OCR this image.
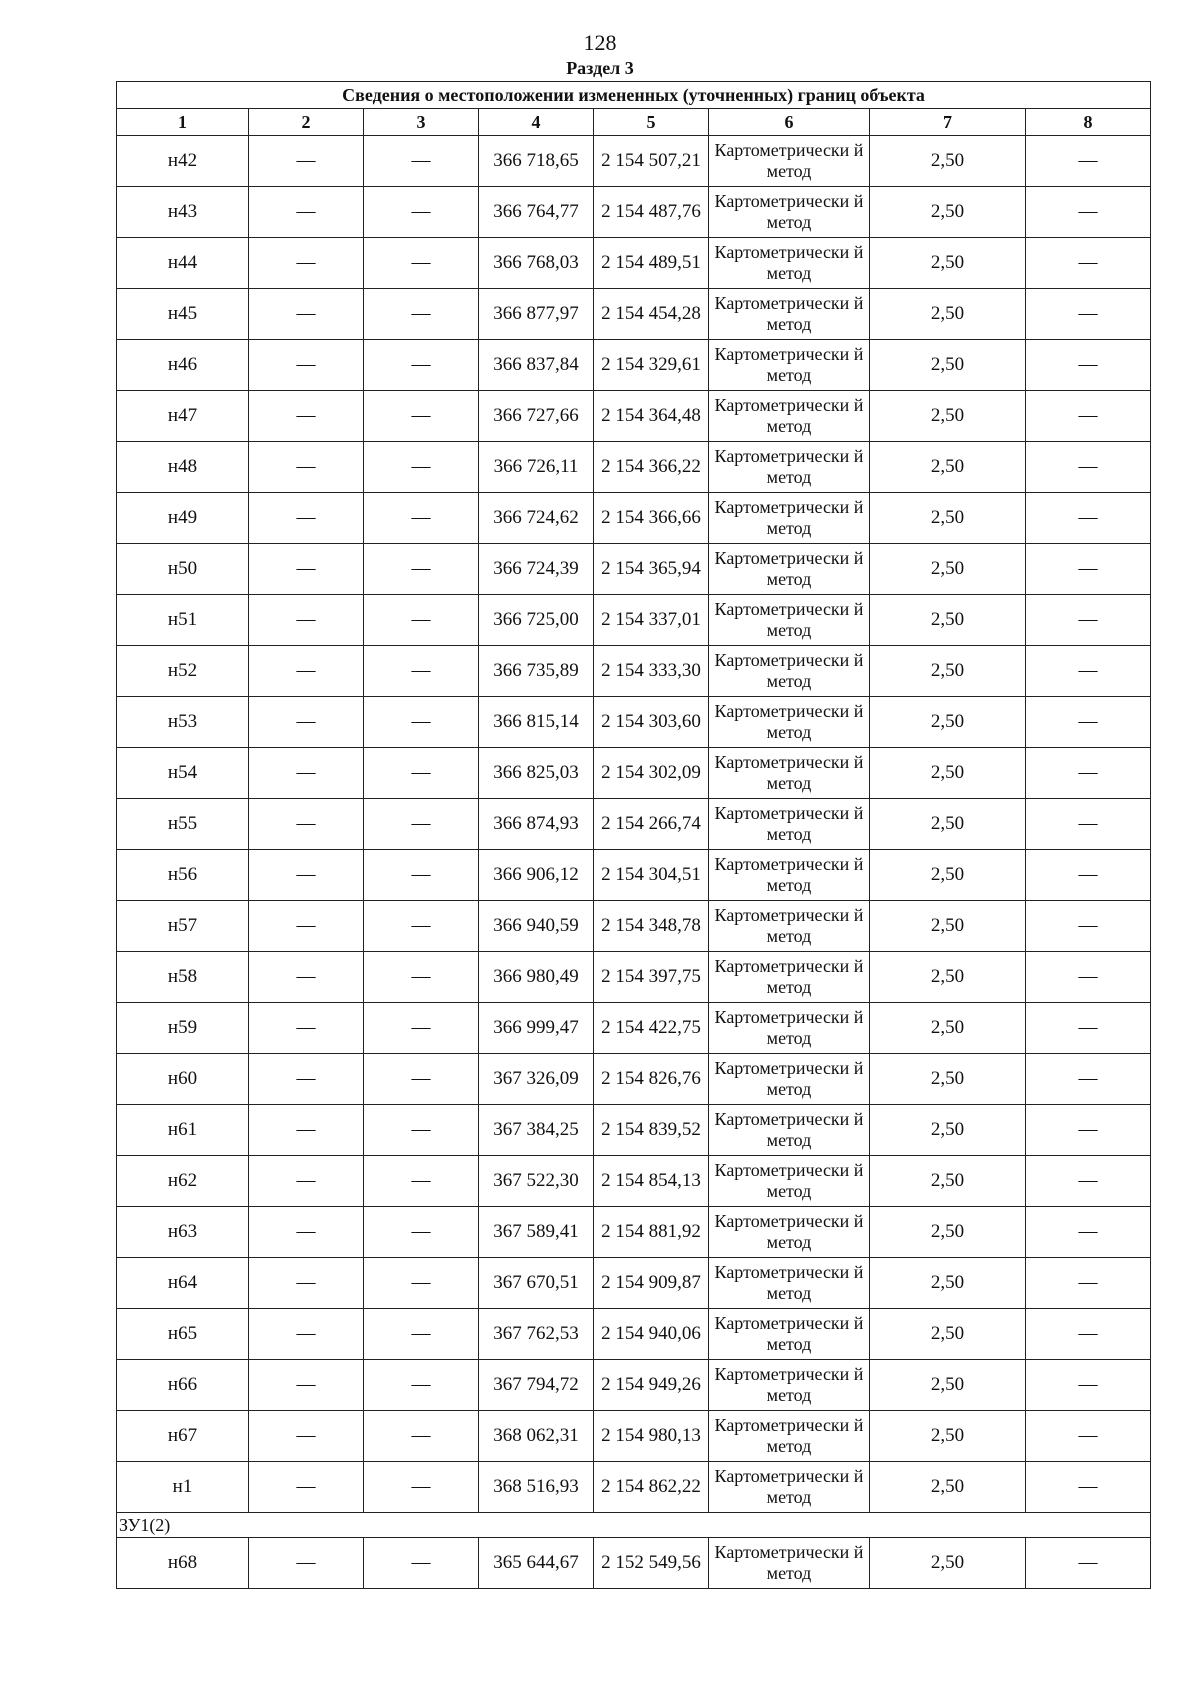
128
Раздел 3
Сведения о местоположении измененных (уточненных) границ объекта							
1	2	3	4	5	6	7	8
н42	—	—	366 718,65	2 154 507,21	Картометрически й метод	2,50	—
н43	—	—	366 764,77	2 154 487,76	Картометрически й метод	2,50	—
н44	—	—	366 768,03	2 154 489,51	Картометрически й метод	2,50	—
н45	—	—	366 877,97	2 154 454,28	Картометрически й метод	2,50	—
н46	—	—	366 837,84	2 154 329,61	Картометрически й метод	2,50	—
н47	—	—	366 727,66	2 154 364,48	Картометрически й метод	2,50	—
н48	—	—	366 726,11	2 154 366,22	Картометрически й метод	2,50	—
н49	—	—	366 724,62	2 154 366,66	Картометрически й метод	2,50	—
н50	—	—	366 724,39	2 154 365,94	Картометрически й метод	2,50	—
н51	—	—	366 725,00	2 154 337,01	Картометрически й метод	2,50	—
н52	—	—	366 735,89	2 154 333,30	Картометрически й метод	2,50	—
н53	—	—	366 815,14	2 154 303,60	Картометрически й метод	2,50	—
н54	—	—	366 825,03	2 154 302,09	Картометрически й метод	2,50	—
н55	—	—	366 874,93	2 154 266,74	Картометрически й метод	2,50	—
н56	—	—	366 906,12	2 154 304,51	Картометрически й метод	2,50	—
н57	—	—	366 940,59	2 154 348,78	Картометрически й метод	2,50	—
н58	—	—	366 980,49	2 154 397,75	Картометрически й метод	2,50	—
н59	—	—	366 999,47	2 154 422,75	Картометрически й метод	2,50	—
н60	—	—	367 326,09	2 154 826,76	Картометрически й метод	2,50	—
н61	—	—	367 384,25	2 154 839,52	Картометрически й метод	2,50	—
н62	—	—	367 522,30	2 154 854,13	Картометрически й метод	2,50	—
н63	—	—	367 589,41	2 154 881,92	Картометрически й метод	2,50	—
н64	—	—	367 670,51	2 154 909,87	Картометрически й метод	2,50	—
н65	—	—	367 762,53	2 154 940,06	Картометрически й метод	2,50	—
н66	—	—	367 794,72	2 154 949,26	Картометрически й метод	2,50	—
н67	—	—	368 062,31	2 154 980,13	Картометрически й метод	2,50	—
н1	—	—	368 516,93	2 154 862,22	Картометрически й метод	2,50	—
ЗУ1(2)							
н68	—	—	365 644,67	2 152 549,56	Картометрически й метод	2,50	—
